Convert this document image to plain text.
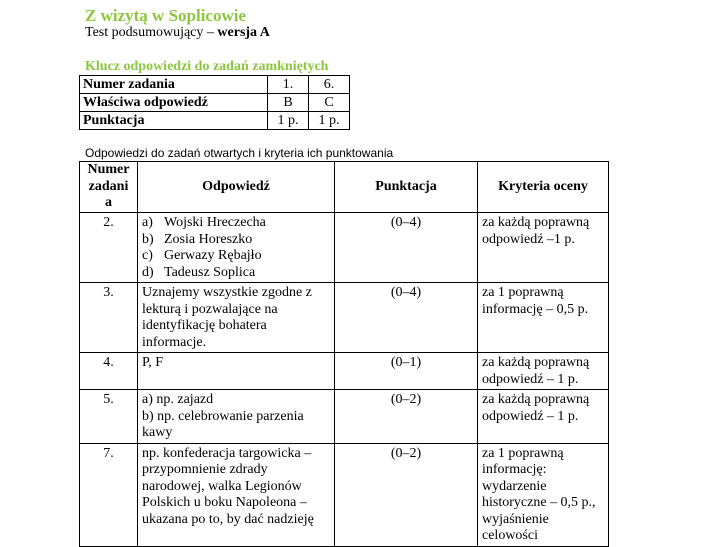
Z wizytą w Soplicowie
Test podsumowujący – wersja A
Klucz odpowiedzi do zadań zamkniętych
Numer zadania	1.	6.
Właściwa odpowiedź	B	C
Punktacja	1 p.	1 p.
Odpowiedzi do zadań otwartych i kryteria ich punktowania
Numer
zadani
a	Odpowiedź	Punktacja	Kryteria oceny
2.	a) Wojski Hreczecha
b) Zosia Horeszko
c) Gerwazy Rębajło
d) Tadeusz Soplica	(0–4)	za każdą poprawną odpowiedź –1 p.
3.	Uznajemy wszystkie zgodne z lekturą i pozwalające na identyfikację bohatera informacje.	(0–4)	za 1 poprawną informację – 0,5 p.
4.	P, F	(0–1)	za każdą poprawną odpowiedź – 1 p.
5.	a) np. zajazd
b) np. celebrowanie parzenia kawy	(0–2)	za każdą poprawną odpowiedź – 1 p.
7.	np. konfederacja targowicka – przypomnienie zdrady narodowej, walka Legionów Polskich u boku Napoleona – ukazana po to, by dać nadzieję	(0–2)	za 1 poprawną informację: wydarzenie historyczne – 0,5 p., wyjaśnienie celowości
